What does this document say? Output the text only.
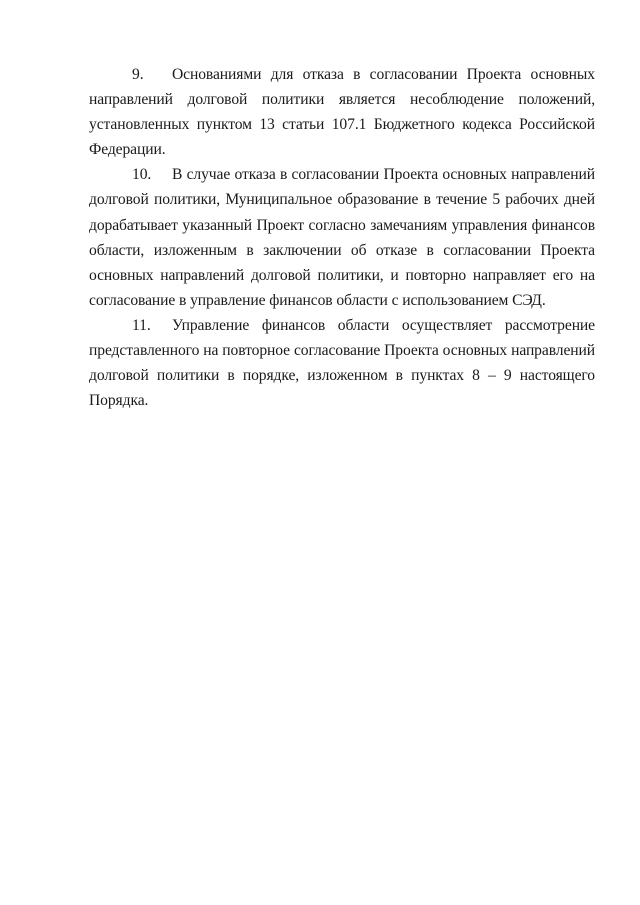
9. Основаниями для отказа в согласовании Проекта основных направлений долговой политики является несоблюдение положений, установленных пунктом 13 статьи 107.1 Бюджетного кодекса Российской Федерации.

10. В случае отказа в согласовании Проекта основных направлений долговой политики, Муниципальное образование в течение 5 рабочих дней дорабатывает указанный Проект согласно замечаниям управления финансов области, изложенным в заключении об отказе в согласовании Проекта основных направлений долговой политики, и повторно направляет его на согласование в управление финансов области с использованием СЭД.

11. Управление финансов области осуществляет рассмотрение представленного на повторное согласование Проекта основных направлений долговой политики в порядке, изложенном в пунктах 8 – 9 настоящего Порядка.
